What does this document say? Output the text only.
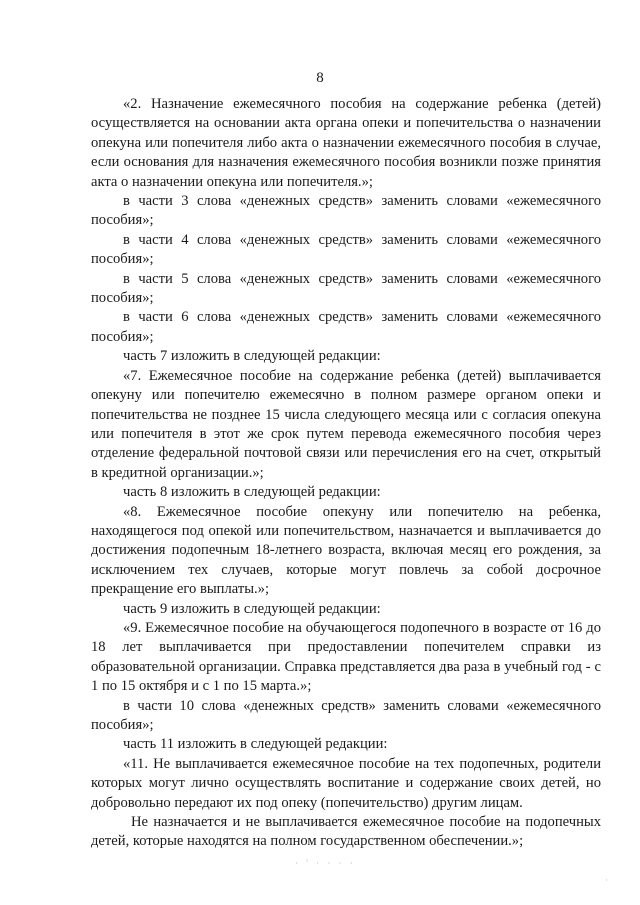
8

«2. Назначение ежемесячного пособия на содержание ребенка (детей) осуществляется на основании акта органа опеки и попечительства о назначении опекуна или попечителя либо акта о назначении ежемесячного пособия в случае, если основания для назначения ежемесячного пособия возникли позже принятия акта о назначении опекуна или попечителя.»;

в части 3 слова «денежных средств» заменить словами «ежемесячного пособия»;

в части 4 слова «денежных средств» заменить словами «ежемесячного пособия»;

в части 5 слова «денежных средств» заменить словами «ежемесячного пособия»;

в части 6 слова «денежных средств» заменить словами «ежемесячного пособия»;

часть 7 изложить в следующей редакции:

«7. Ежемесячное пособие на содержание ребенка (детей) выплачивается опекуну или попечителю ежемесячно в полном размере органом опеки и попечительства не позднее 15 числа следующего месяца или с согласия опекуна или попечителя в этот же срок путем перевода ежемесячного пособия через отделение федеральной почтовой связи или перечисления его на счет, открытый в кредитной организации.»;

часть 8 изложить в следующей редакции:

«8. Ежемесячное пособие опекуну или попечителю на ребенка, находящегося под опекой или попечительством, назначается и выплачивается до достижения подопечным 18-летнего возраста, включая месяц его рождения, за исключением тех случаев, которые могут повлечь за собой досрочное прекращение его выплаты.»;

часть 9 изложить в следующей редакции:

«9. Ежемесячное пособие на обучающегося подопечного в возрасте от 16 до 18 лет выплачивается при предоставлении попечителем справки из образовательной организации. Справка представляется два раза в учебный год - с 1 по 15 октября и с 1 по 15 марта.»;

в части 10 слова «денежных средств» заменить словами «ежемесячного пособия»;

часть 11 изложить в следующей редакции:

«11. Не выплачивается ежемесячное пособие на тех подопечных, родители которых могут лично осуществлять воспитание и содержание своих детей, но добровольно передают их под опеку (попечительство) другим лицам.

Не назначается и не выплачивается ежемесячное пособие на подопечных детей, которые находятся на полном государственном обеспечении.»;

· ' · · · ·
·
